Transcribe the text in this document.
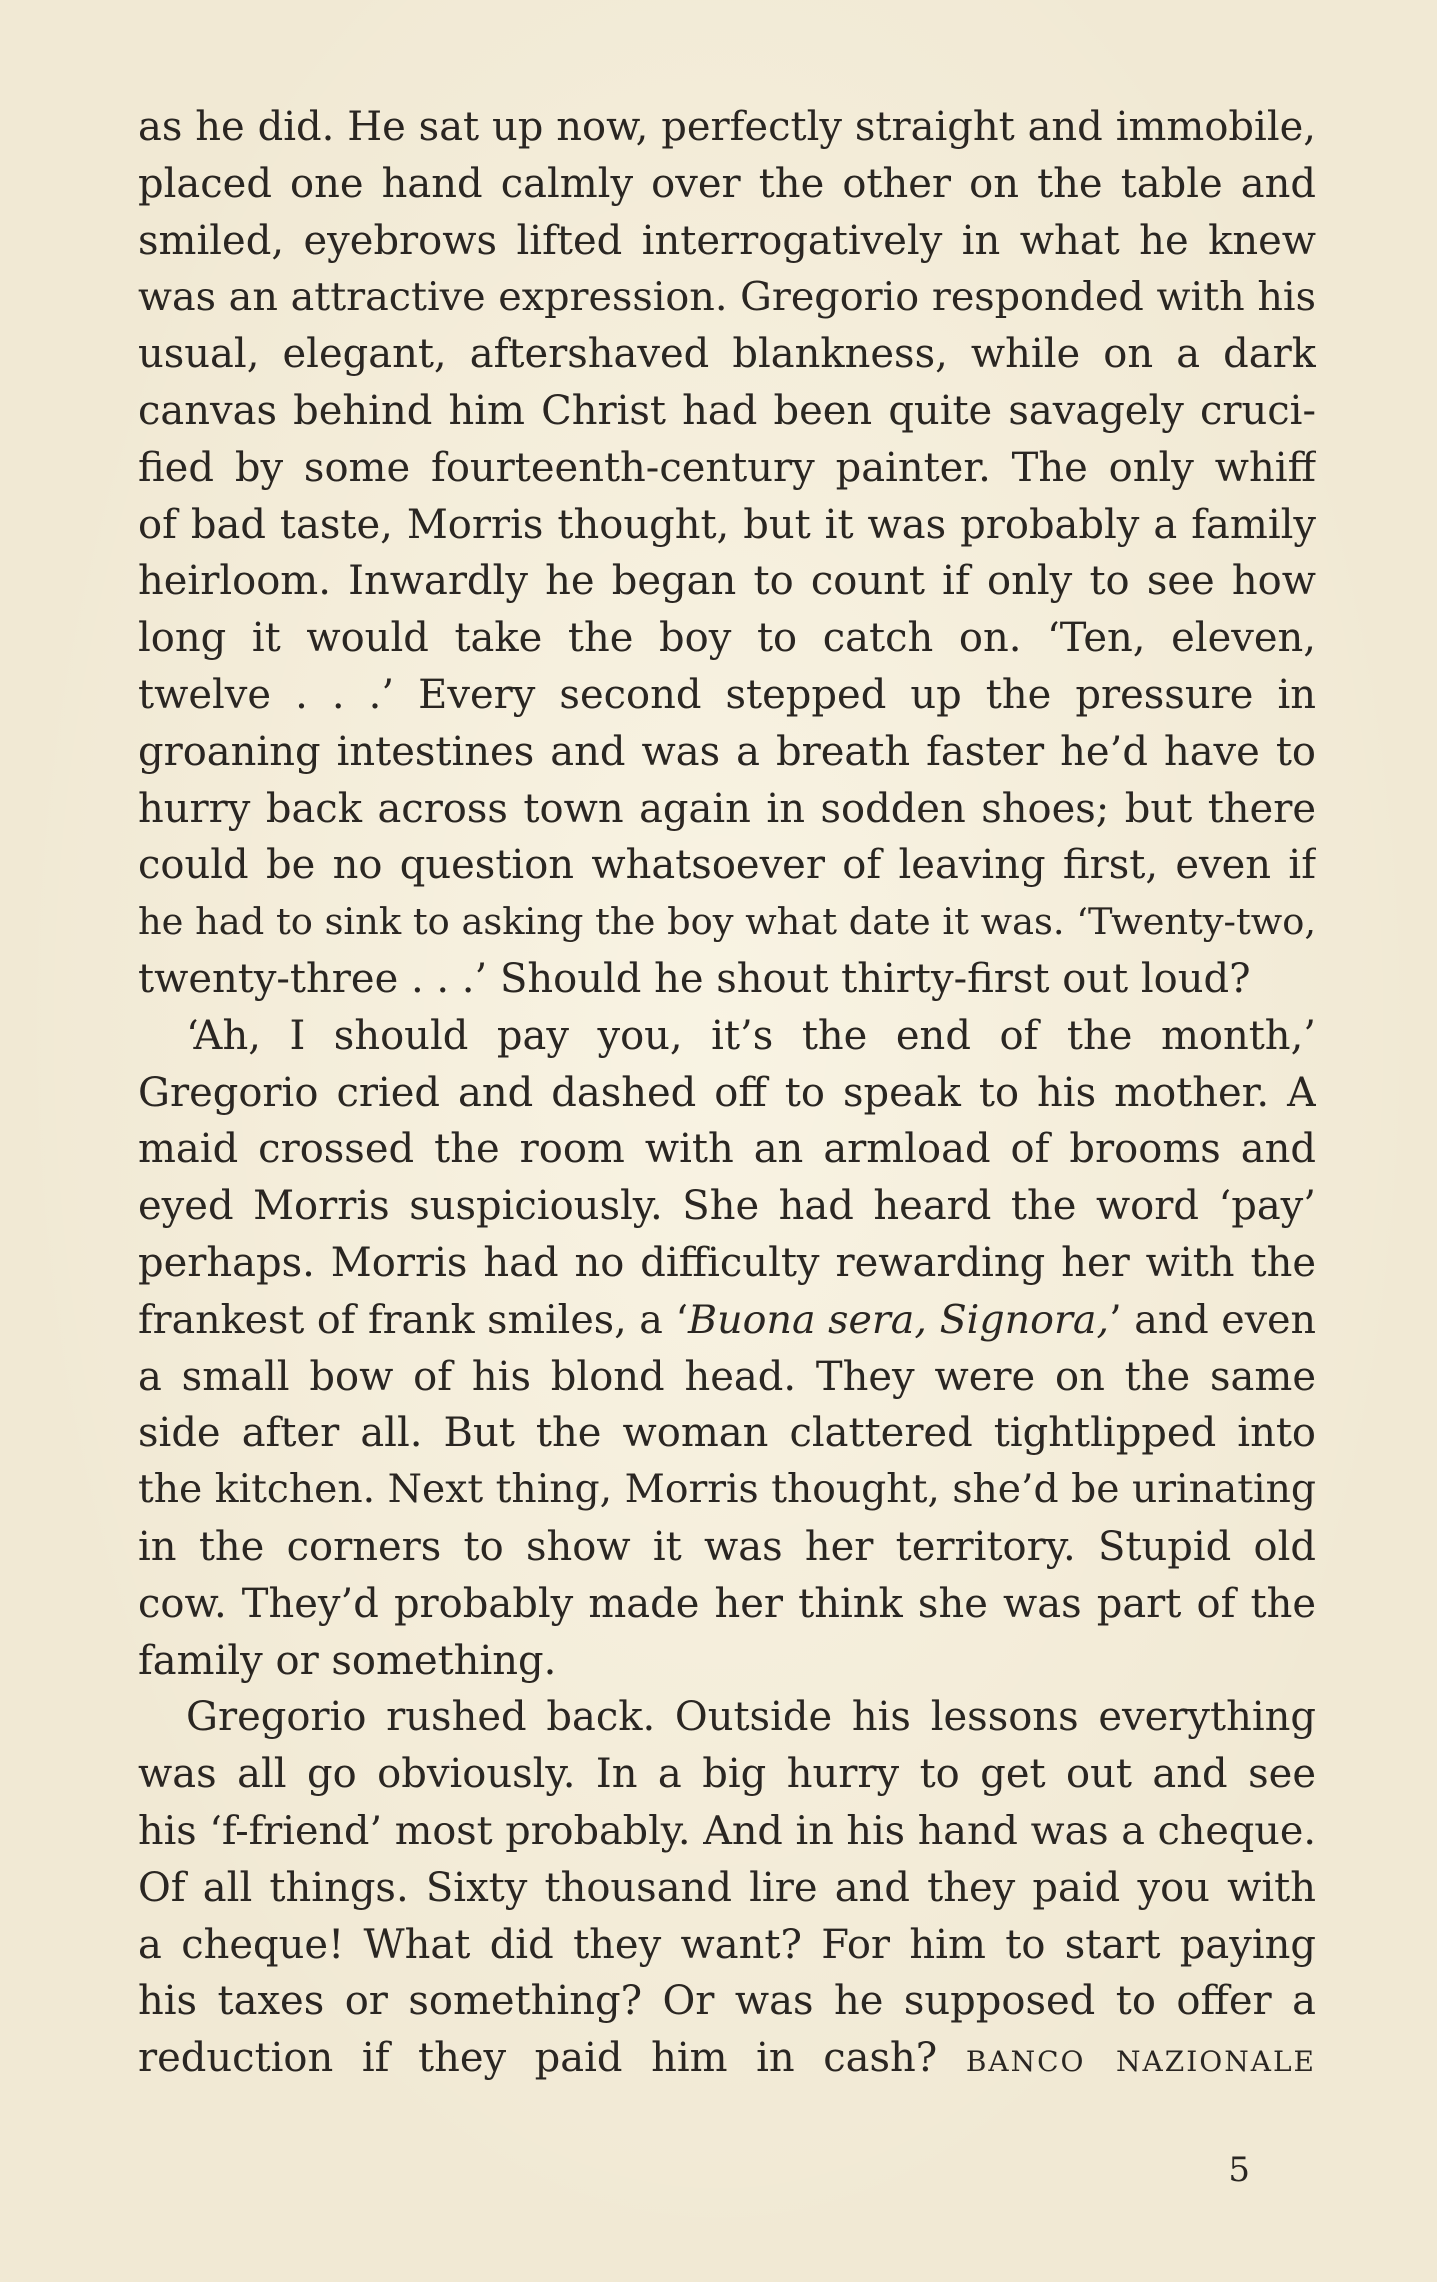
as he did. He sat up now, perfectly straight and immobile,
placed one hand calmly over the other on the table and
smiled, eyebrows lifted interrogatively in what he knew
was an attractive expression. Gregorio responded with his
usual, elegant, aftershaved blankness, while on a dark
canvas behind him Christ had been quite savagely cruci-
fied by some fourteenth-century painter. The only whiff
of bad taste, Morris thought, but it was probably a family
heirloom. Inwardly he began to count if only to see how
long it would take the boy to catch on. ‘Ten, eleven,
twelve . . .’ Every second stepped up the pressure in
groaning intestines and was a breath faster he’d have to
hurry back across town again in sodden shoes; but there
could be no question whatsoever of leaving first, even if
he had to sink to asking the boy what date it was. ‘Twenty-two,
twenty-three . . .’ Should he shout thirty-first out loud?
‘Ah, I should pay you, it’s the end of the month,’
Gregorio cried and dashed off to speak to his mother. A
maid crossed the room with an armload of brooms and
eyed Morris suspiciously. She had heard the word ‘pay’
perhaps. Morris had no difficulty rewarding her with the
frankest of frank smiles, a ‘Buona sera, Signora,’ and even
a small bow of his blond head. They were on the same
side after all. But the woman clattered tightlipped into
the kitchen. Next thing, Morris thought, she’d be urinating
in the corners to show it was her territory. Stupid old
cow. They’d probably made her think she was part of the
family or something.
Gregorio rushed back. Outside his lessons everything
was all go obviously. In a big hurry to get out and see
his ‘f-friend’ most probably. And in his hand was a cheque.
Of all things. Sixty thousand lire and they paid you with
a cheque! What did they want? For him to start paying
his taxes or something? Or was he supposed to offer a
reduction if they paid him in cash? banco nazionale
5
